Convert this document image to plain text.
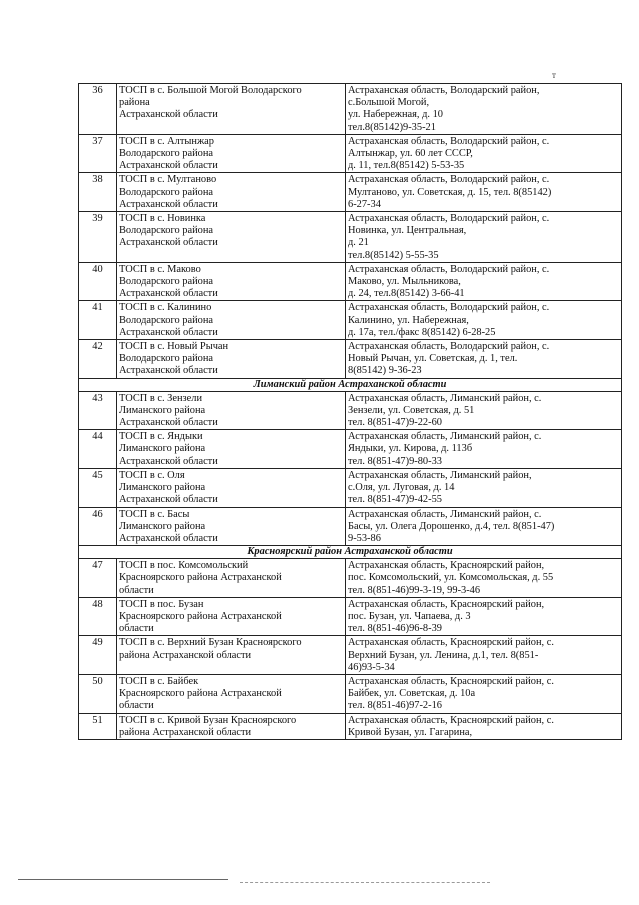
т
36	ТОСП в с. Большой Могой Володарского
района
Астраханской области	Астраханская область, Володарский район,
с.Большой Могой,
ул. Набережная, д. 10
тел.8(85142)9-35-21

37	ТОСП в с. Алтынжар
Володарского района
Астраханской области	Астраханская область, Володарский район, с.
Алтынжар, ул. 60 лет СССР,
д. 11, тел.8(85142) 5-53-35

38	ТОСП в с. Мултаново
Володарского района
Астраханской области	Астраханская область, Володарский район, с.
Мултаново, ул. Советская, д. 15, тел. 8(85142)
6-27-34

39	ТОСП в с. Новинка
Володарского района
Астраханской области	Астраханская область, Володарский район, с.
Новинка, ул. Центральная,
д. 21
тел.8(85142) 5-55-35

40	ТОСП в с. Маково
Володарского района
Астраханской области	Астраханская область, Володарский район, с.
Маково, ул. Мыльникова,
д. 24, тел.8(85142) 3-66-41

41	ТОСП в с. Калинино
Володарского района
Астраханской области	Астраханская область, Володарский район, с.
Калинино, ул. Набережная,
д. 17а, тел./факс 8(85142) 6-28-25

42	ТОСП в с. Новый Рычан
Володарского района
Астраханской области	Астраханская область, Володарский район, с.
Новый Рычан, ул. Советская, д. 1, тел.
8(85142) 9-36-23

Лиманский район Астраханской области		
43	ТОСП в с. Зензели
Лиманского района
Астраханской области	Астраханская область, Лиманский район, с.
Зензели, ул. Советская, д. 51
тел. 8(851-47)9-22-60

44	ТОСП в с. Яндыки
Лиманского района
Астраханской области	Астраханская область, Лиманский район, с.
Яндыки, ул. Кирова, д. 113б
тел. 8(851-47)9-80-33

45	ТОСП в с. Оля
Лиманского района
Астраханской области	Астраханская область, Лиманский район,
с.Оля, ул. Луговая, д. 14
тел. 8(851-47)9-42-55

46	ТОСП в с. Басы
Лиманского района
Астраханской области	Астраханская область, Лиманский район, с.
Басы, ул. Олега Дорошенко, д.4, тел. 8(851-47)
9-53-86

Красноярский район Астраханской области		
47	ТОСП в пос. Комсомольский
Красноярского района Астраханской
области	Астраханская область, Красноярский район,
пос. Комсомольский, ул. Комсомольская, д. 55
тел. 8(851-46)99-3-19, 99-3-46

48	ТОСП в пос. Бузан
Красноярского района Астраханской
области	Астраханская область, Красноярский район,
пос. Бузан, ул. Чапаева, д. 3
тел. 8(851-46)96-8-39

49	ТОСП в с. Верхний Бузан Красноярского
района Астраханской области	Астраханская область, Красноярский район, с.
Верхний Бузан, ул. Ленина, д.1, тел. 8(851-
46)93-5-34

50	ТОСП в с. Байбек
Красноярского района Астраханской
области	Астраханская область, Красноярский район, с.
Байбек, ул. Советская, д. 10а
тел. 8(851-46)97-2-16

51	ТОСП в с. Кривой Бузан Красноярского
района Астраханской области	Астраханская область, Красноярский район, с.
Кривой Бузан, ул. Гагарина,
